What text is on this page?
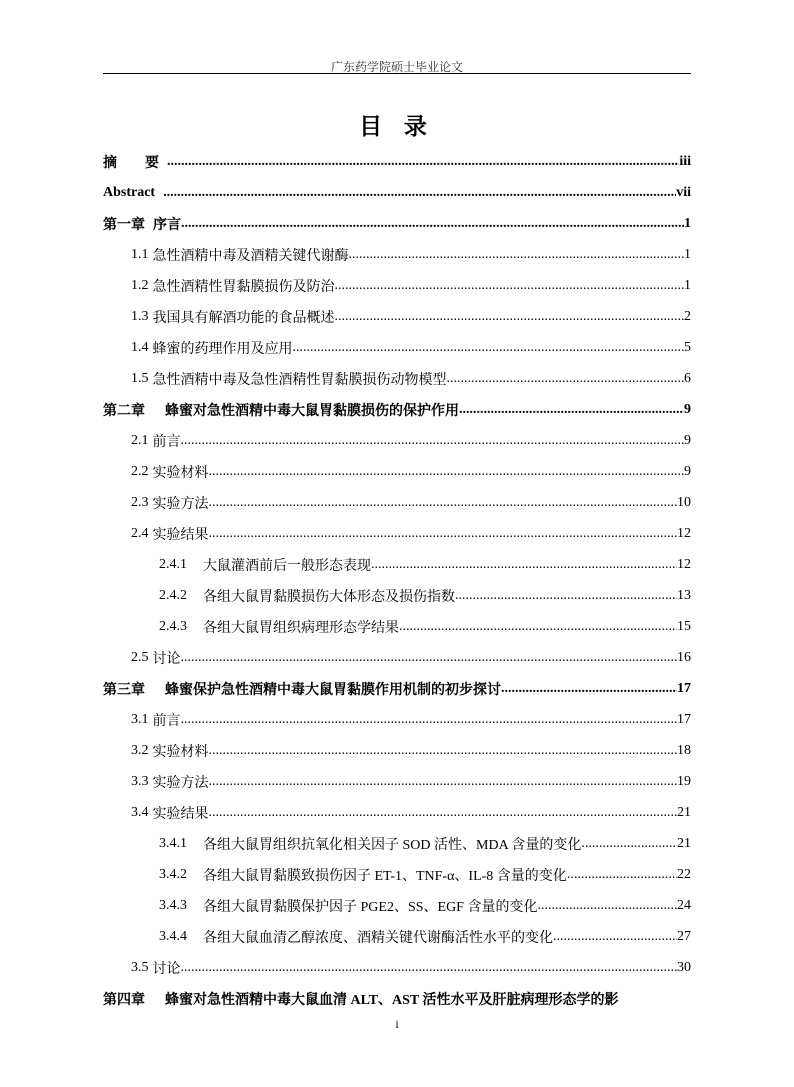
广东药学院硕士毕业论文
目 录
摘　　要 .....	iii
Abstract .....	vii
第一章 序言 .....	1
1.1 急性酒精中毒及酒精关键代谢酶 .....	1
1.2 急性酒精性胃黏膜损伤及防治 .....	1
1.3 我国具有解酒功能的食品概述 .....	2
1.4 蜂蜜的药理作用及应用 .....	5
1.5 急性酒精中毒及急性酒精性胃黏膜损伤动物模型 .....	6
第二章 蜂蜜对急性酒精中毒大鼠胃黏膜损伤的保护作用 .....	9
2.1 前言 .....	9
2.2 实验材料 .....	9
2.3 实验方法 .....	10
2.4 实验结果 .....	12
2.4.1 大鼠灌酒前后一般形态表现 .....	12
2.4.2 各组大鼠胃黏膜损伤大体形态及损伤指数 .....	13
2.4.3 各组大鼠胃组织病理形态学结果 .....	15
2.5 讨论 .....	16
第三章 蜂蜜保护急性酒精中毒大鼠胃黏膜作用机制的初步探讨 .....	17
3.1 前言 .....	17
3.2 实验材料 .....	18
3.3 实验方法 .....	19
3.4 实验结果 .....	21
3.4.1 各组大鼠胃组织抗氧化相关因子 SOD 活性、MDA 含量的变化 .....	21
3.4.2 各组大鼠胃黏膜致损伤因子 ET-1、TNF-α、IL-8 含量的变化 .....	22
3.4.3 各组大鼠胃黏膜保护因子 PGE2、SS、EGF 含量的变化 .....	24
3.4.4 各组大鼠血清乙醇浓度、酒精关键代谢酶活性水平的变化 .....	27
3.5 讨论 .....	30
第四章 蜂蜜对急性酒精中毒大鼠血清 ALT、AST 活性水平及肝脏病理形态学的影
i
